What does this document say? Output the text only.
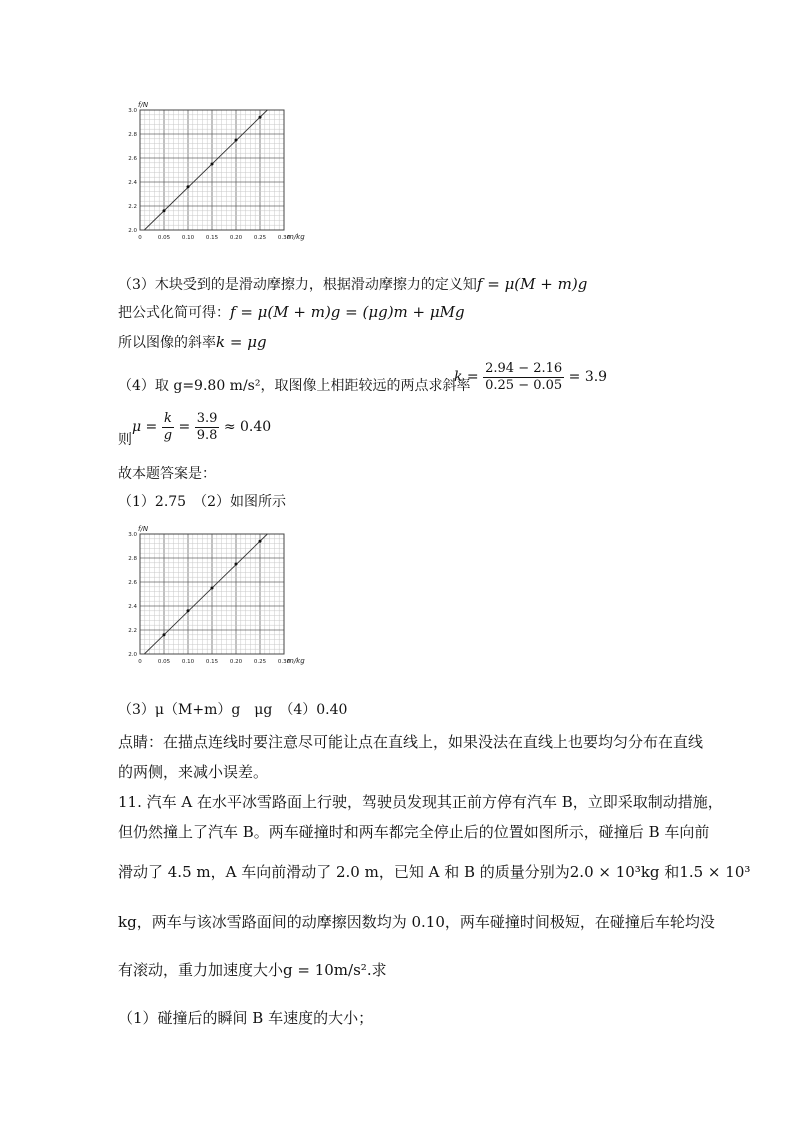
2.0
2.2
2.4
2.6
2.8
3.0
0	0.05 0.10 0.15 0.20 0.25 0.30
f/N
m/kg
（3）木块受到的是滑动摩擦力，根据滑动摩擦力的定义知f = μ(M + m)g
把公式化简可得：f = μ(M + m)g = (μg)m + μMg
所以图像的斜率k = μg
（4）取 g=9.80 m/s²，取图像上相距较远的两点求斜率
$k = \frac{2.94 - 2.16}{0.25 - 0.05} = 3.9$
则
$\mu = \frac{k}{g} = \frac{3.9}{9.8} \approx 0.40$
故本题答案是：
（1）2.75　（2）如图所示
2.0
2.2
2.4
2.6
2.8
3.0
0	0.05 0.10 0.15 0.20 0.25 0.30
f/N
m/kg
（3）μ（M+m）g　μg　（4）0.40
点睛：在描点连线时要注意尽可能让点在直线上，如果没法在直线上也要均匀分布在直线
的两侧，来减小误差。
11. 汽车 A 在水平冰雪路面上行驶，驾驶员发现其正前方停有汽车 B，立即采取制动措施，
但仍然撞上了汽车 B。两车碰撞时和两车都完全停止后的位置如图所示，碰撞后 B 车向前
滑动了 4.5 m，A 车向前滑动了 2.0 m，已知 A 和 B 的质量分别为2.0 × 10³kg 和1.5 × 10³
kg，两车与该冰雪路面间的动摩擦因数均为 0.10，两车碰撞时间极短，在碰撞后车轮均没
有滚动，重力加速度大小g = 10m/s².求
（1）碰撞后的瞬间 B 车速度的大小；
